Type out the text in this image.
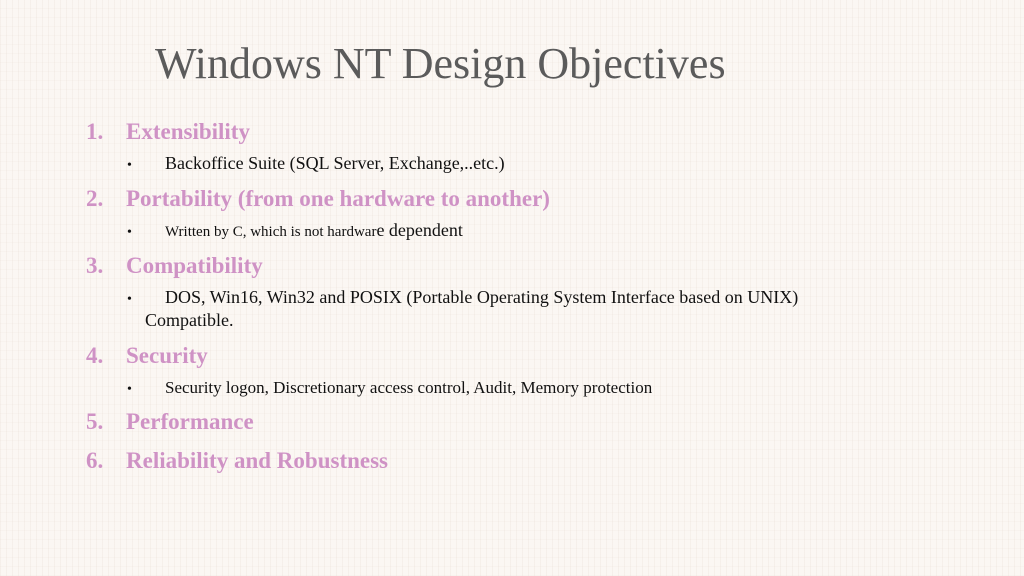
Windows NT Design Objectives
1. Extensibility
• Backoffice Suite (SQL Server, Exchange,..etc.)
2. Portability (from one hardware to another)
• Written by C, which is not hardware dependent
3. Compatibility
• DOS, Win16, Win32 and POSIX (Portable Operating System Interface based on UNIX)
Compatible.
4. Security
• Security logon, Discretionary access control, Audit, Memory protection
5. Performance
6. Reliability and Robustness
